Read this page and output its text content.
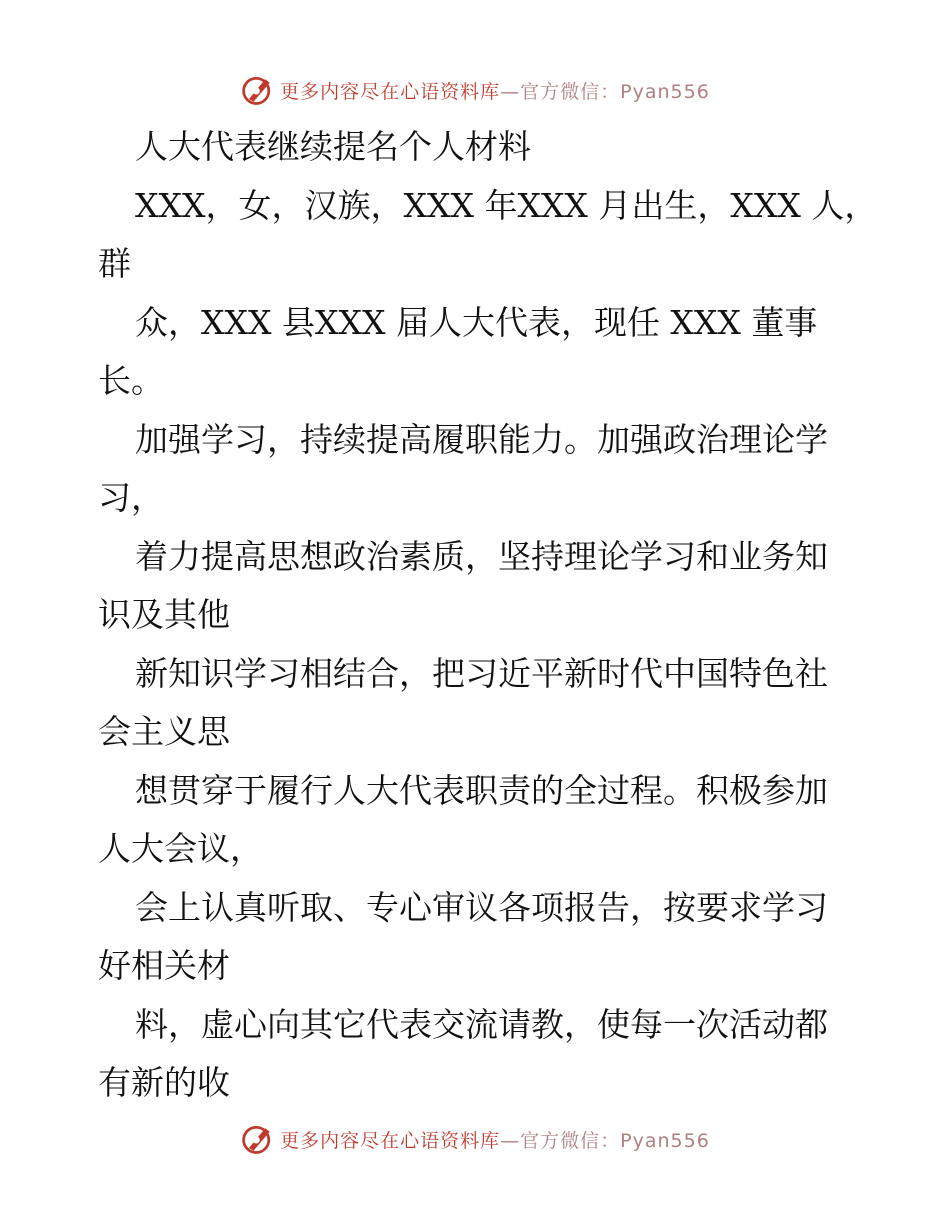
更多内容尽在心语资料库—官方微信：Pyan556
人大代表继续提名个人材料
XXX，女，汉族，XXX 年XXX 月出生，XXX 人，
群
众，XXX 县XXX 届人大代表，现任 XXX 董事
长。
加强学习，持续提高履职能力。加强政治理论学
习，
着力提高思想政治素质，坚持理论学习和业务知
识及其他
新知识学习相结合，把习近平新时代中国特色社
会主义思
想贯穿于履行人大代表职责的全过程。积极参加
人大会议，
会上认真听取、专心审议各项报告，按要求学习
好相关材
料，虚心向其它代表交流请教，使每一次活动都
有新的收
更多内容尽在心语资料库—官方微信：Pyan556
